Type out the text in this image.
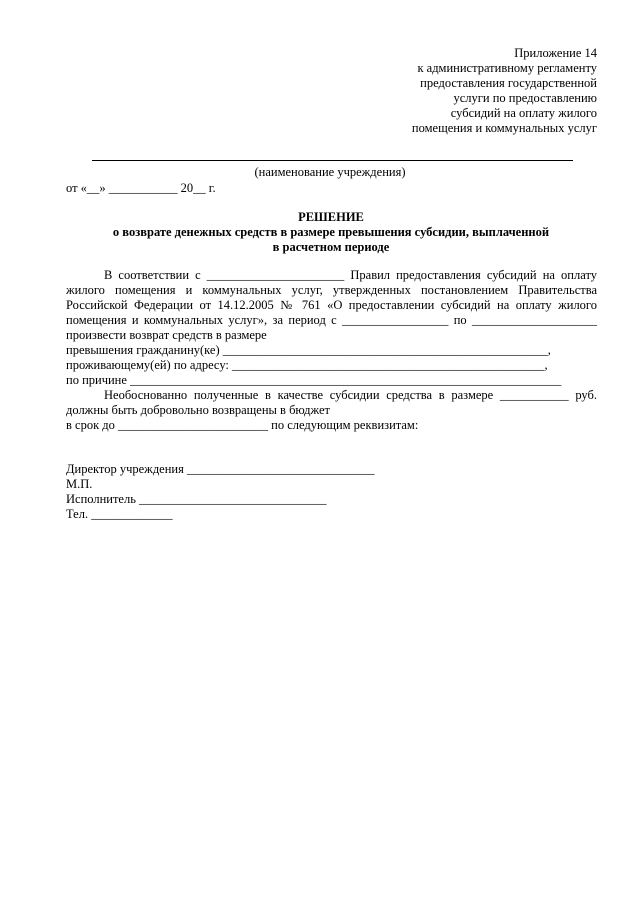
Приложение 14
к административному регламенту
предоставления государственной
услуги по предоставлению
субсидий на оплату жилого
помещения и коммунальных услуг
(наименование учреждения)
от «__» ___________ 20__ г.
РЕШЕНИЕ
о возврате денежных средств в размере превышения субсидии, выплаченной
в расчетном периоде
В соответствии с ______________________ Правил предоставления субсидий на оплату жилого помещения и коммунальных услуг, утвержденных постановлением Правительства Российской Федерации от 14.12.2005 № 761 «О предоставлении субсидий на оплату жилого помещения и коммунальных услуг», за период с _________________ по ____________________ произвести возврат средств в размере
превышения гражданину(ке) ____________________________________________________,
проживающему(ей) по адресу: __________________________________________________,
по причине _____________________________________________________________________
Необоснованно полученные в качестве субсидии средства в размере ___________ руб. должны быть добровольно возвращены в бюджет
в срок до ________________________ по следующим реквизитам:
Директор учреждения ______________________________
М.П.
Исполнитель ______________________________
Тел. _____________
